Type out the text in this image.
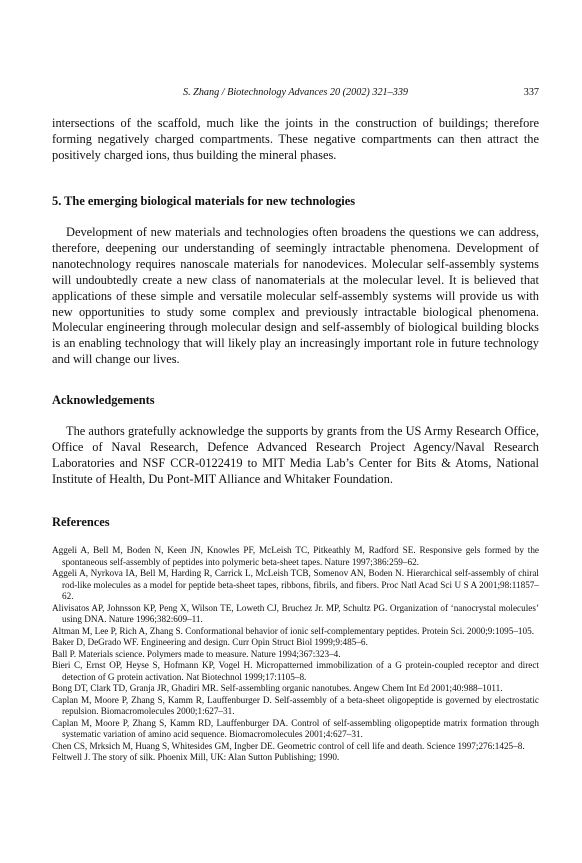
S. Zhang / Biotechnology Advances 20 (2002) 321–339	337

intersections of the scaffold, much like the joints in the construction of buildings; therefore forming negatively charged compartments. These negative compartments can then attract the positively charged ions, thus building the mineral phases.

5. The emerging biological materials for new technologies

Development of new materials and technologies often broadens the questions we can address, therefore, deepening our understanding of seemingly intractable phenomena. Development of nanotechnology requires nanoscale materials for nanodevices. Molecular self-assembly systems will undoubtedly create a new class of nanomaterials at the molecular level. It is believed that applications of these simple and versatile molecular self-assembly systems will provide us with new opportunities to study some complex and previously intractable biological phenomena. Molecular engineering through molecular design and self-assembly of biological building blocks is an enabling technology that will likely play an increasingly important role in future technology and will change our lives.

Acknowledgements

The authors gratefully acknowledge the supports by grants from the US Army Research Office, Office of Naval Research, Defence Advanced Research Project Agency/Naval Research Laboratories and NSF CCR-0122419 to MIT Media Lab’s Center for Bits & Atoms, National Institute of Health, Du Pont-MIT Alliance and Whitaker Foundation.

References

Aggeli A, Bell M, Boden N, Keen JN, Knowles PF, McLeish TC, Pitkeathly M, Radford SE. Responsive gels formed by the spontaneous self-assembly of peptides into polymeric beta-sheet tapes. Nature 1997;386:259–62.

Aggeli A, Nyrkova IA, Bell M, Harding R, Carrick L, McLeish TCB, Somenov AN, Boden N. Hierarchical self-assembly of chiral rod-like molecules as a model for peptide beta-sheet tapes, ribbons, fibrils, and fibers. Proc Natl Acad Sci U S A 2001;98:11857–62.

Alivisatos AP, Johnsson KP, Peng X, Wilson TE, Loweth CJ, Bruchez Jr. MP, Schultz PG. Organization of ‘nanocrystal molecules’ using DNA. Nature 1996;382:609–11.

Altman M, Lee P, Rich A, Zhang S. Conformational behavior of ionic self-complementary peptides. Protein Sci. 2000;9:1095–105.

Baker D, DeGrado WF. Engineering and design. Curr Opin Struct Biol 1999;9:485–6.

Ball P. Materials science. Polymers made to measure. Nature 1994;367:323–4.

Bieri C, Ernst OP, Heyse S, Hofmann KP, Vogel H. Micropatterned immobilization of a G protein-coupled receptor and direct detection of G protein activation. Nat Biotechnol 1999;17:1105–8.

Bong DT, Clark TD, Granja JR, Ghadiri MR. Self-assembling organic nanotubes. Angew Chem Int Ed 2001;40:988–1011.

Caplan M, Moore P, Zhang S, Kamm R, Lauffenburger D. Self-assembly of a beta-sheet oligopeptide is governed by electrostatic repulsion. Biomacromolecules 2000;1:627–31.

Caplan M, Moore P, Zhang S, Kamm RD, Lauffenburger DA. Control of self-assembling oligopeptide matrix formation through systematic variation of amino acid sequence. Biomacromolecules 2001;4:627–31.

Chen CS, Mrksich M, Huang S, Whitesides GM, Ingber DE. Geometric control of cell life and death. Science 1997;276:1425–8.

Feltwell J. The story of silk. Phoenix Mill, UK: Alan Sutton Publishing; 1990.
